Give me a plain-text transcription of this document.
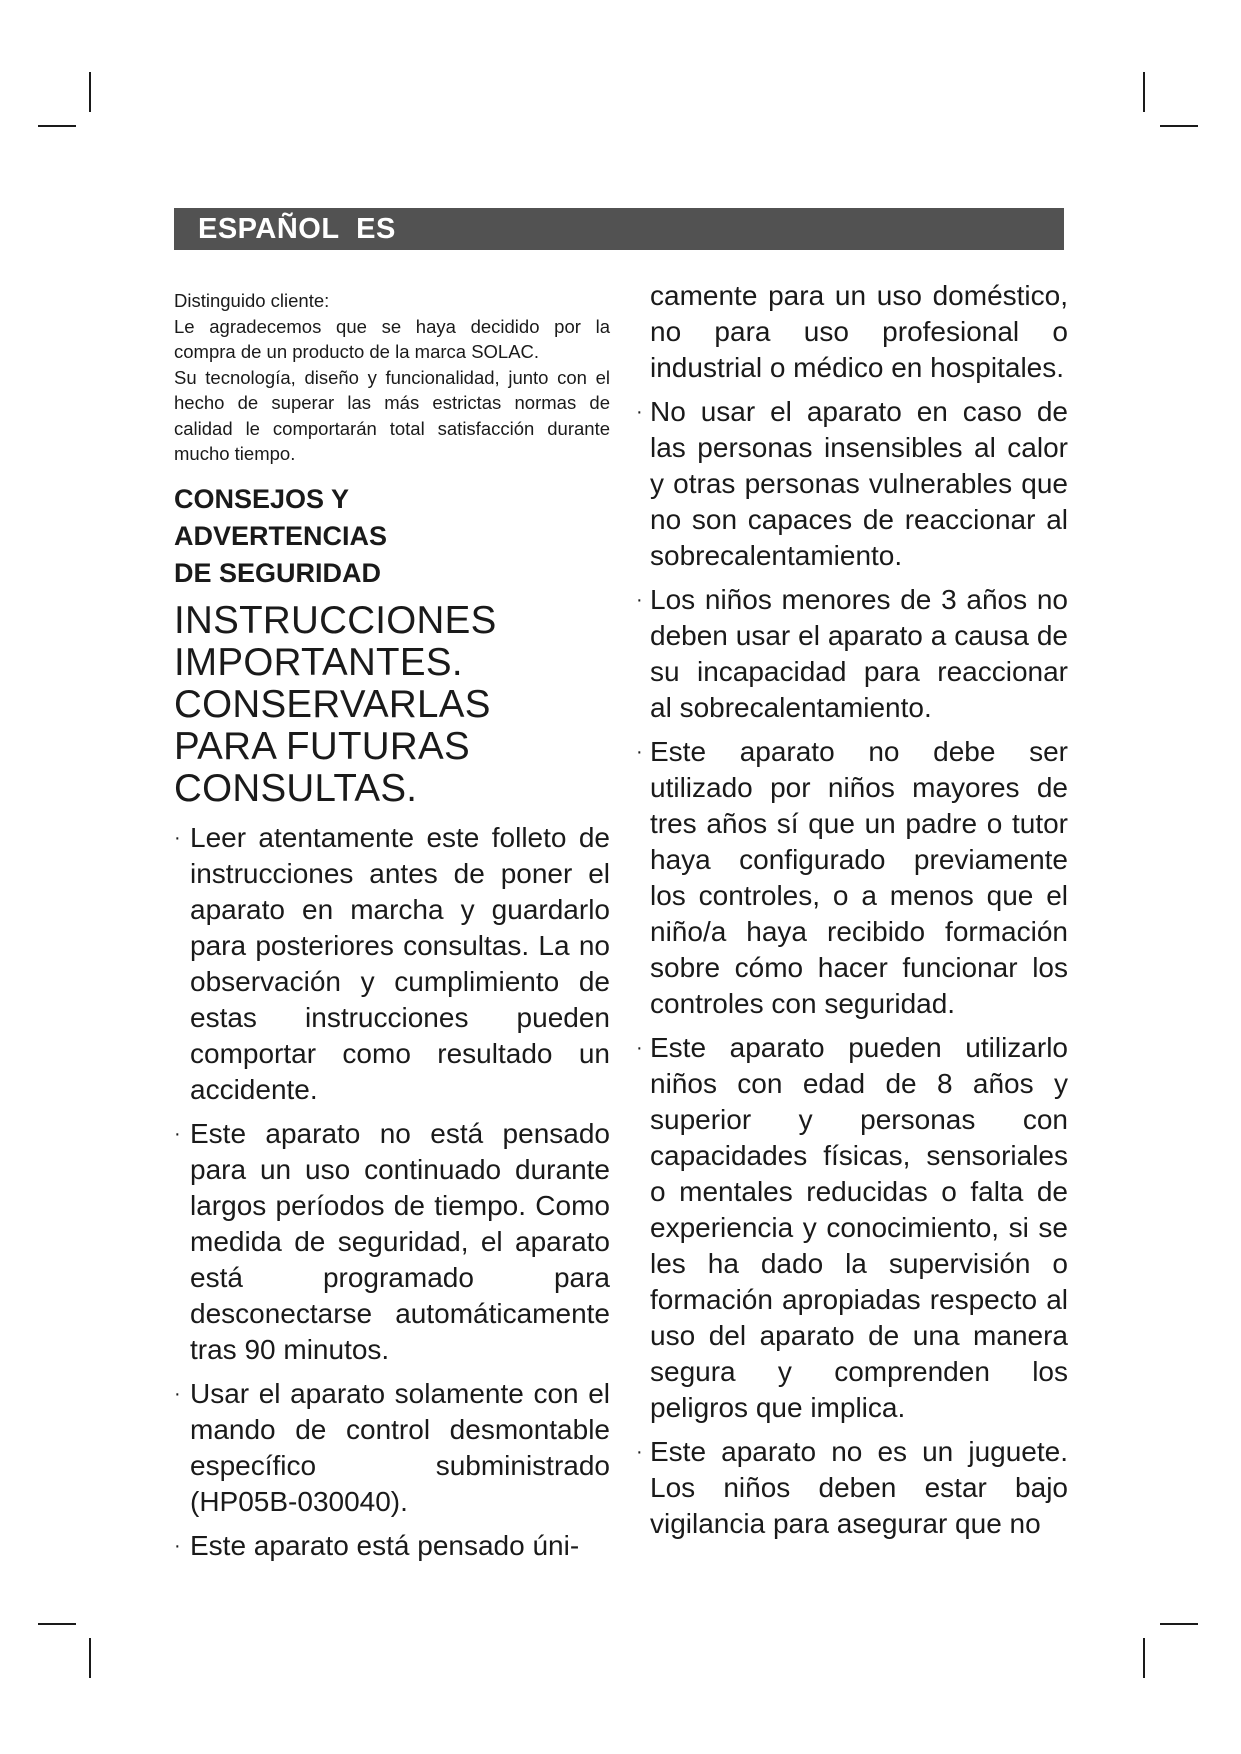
ESPAÑOL  ES

Distinguido cliente:

Le agradecemos que se haya decidido por la compra de un producto de la marca SOLAC.

Su tecnología, diseño y funcionalidad, junto con el hecho de superar las más estrictas normas de calidad le comportarán total satisfacción durante mucho tiempo.

CONSEJOS Y
ADVERTENCIAS
DE SEGURIDAD
INSTRUCCIONES
IMPORTANTES.
CONSERVARLAS
PARA FUTURAS
CONSULTAS.
· Leer atentamente este folleto de instrucciones antes de poner el aparato en marcha y guardarlo para posteriores consultas. La no observación y cumplimiento de estas instrucciones pueden comportar como resultado un accidente.
· Este aparato no está pensado para un uso continuado durante largos períodos de tiempo. Como medida de seguridad, el aparato está programado para desconectarse automáticamente tras 90 minutos.
· Usar el aparato solamente con el mando de control desmontable específico subministrado (HP05B-030040).
· Este aparato está pensado úni-

camente para un uso doméstico, no para uso profesional o industrial o médico en hospitales.

· No usar el aparato en caso de las personas insensibles al calor y otras personas vulnerables que no son capaces de reaccionar al sobrecalentamiento.
· Los niños menores de 3 años no deben usar el aparato a causa de su incapacidad para reaccionar al sobrecalentamiento.
· Este aparato no debe ser utilizado por niños mayores de tres años sí que un padre o tutor haya configurado previamente los controles, o a menos que el niño/a haya recibido formación sobre cómo hacer funcionar los controles con seguridad.
· Este aparato pueden utilizarlo niños con edad de 8 años y superior y personas con capacidades físicas, sensoriales o mentales reducidas o falta de experiencia y conocimiento, si se les ha dado la supervisión o formación apropiadas respecto al uso del aparato de una manera segura y comprenden los peligros que implica.
· Este aparato no es un juguete. Los niños deben estar bajo vigilancia para asegurar que no
